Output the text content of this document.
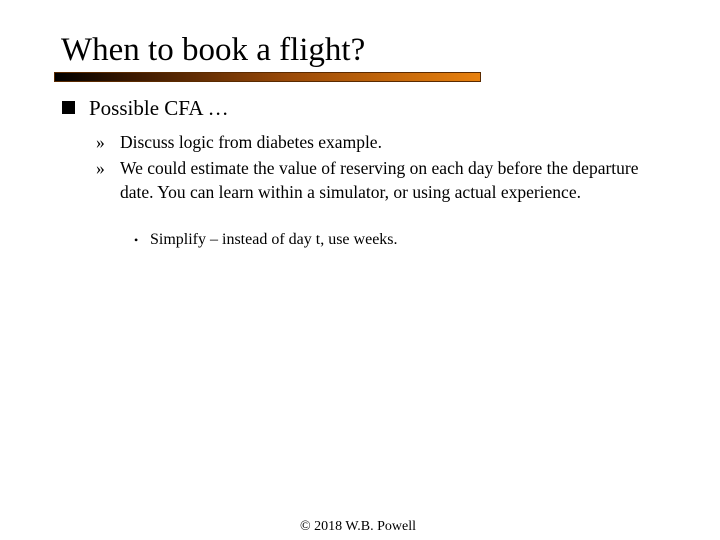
When to book a flight?
Possible CFA …
» Discuss logic from diabetes example.
» We could estimate the value of reserving on each day before the departure date. You can learn within a simulator, or using actual experience.
• Simplify – instead of day t, use weeks.
© 2018 W.B. Powell
